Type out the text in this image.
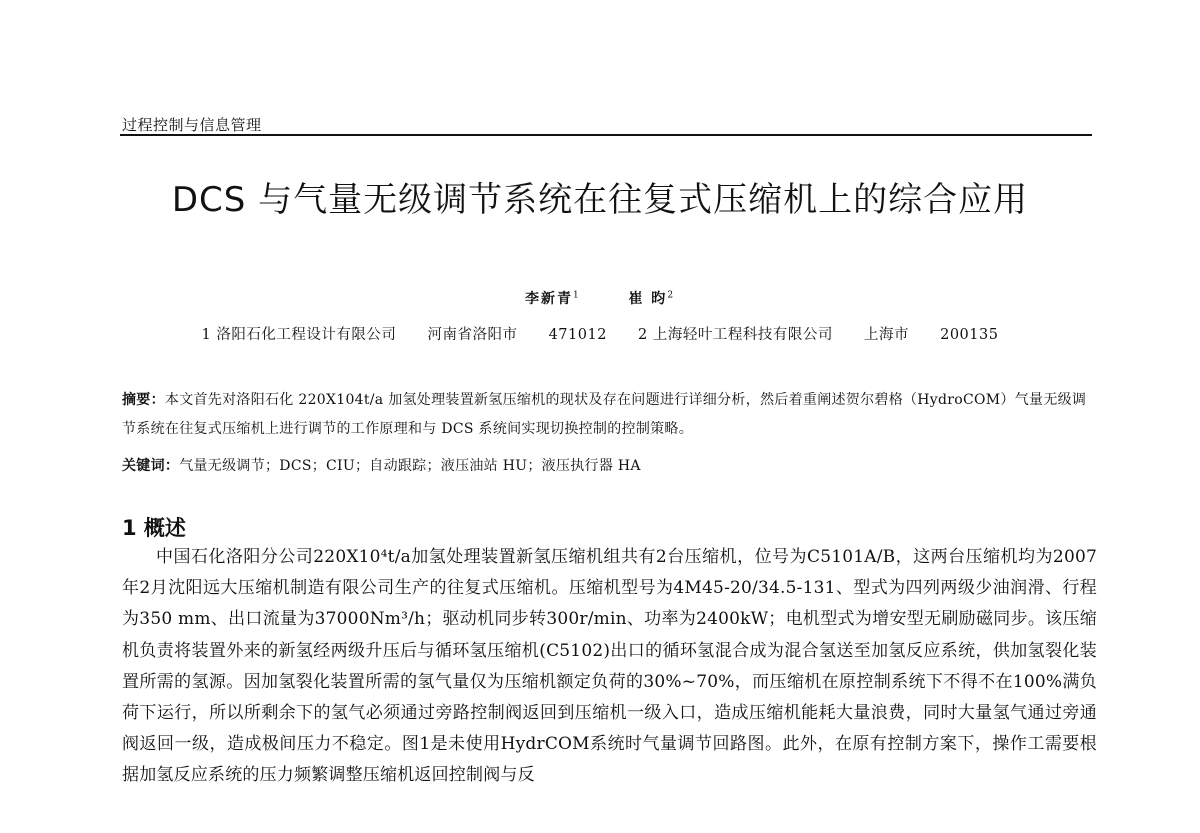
过程控制与信息管理
DCS 与气量无级调节系统在往复式压缩机上的综合应用
李新青$^1$	崔 昀$^2$
1 洛阳石化工程设计有限公司 河南省洛阳市 471012 2 上海轻叶工程科技有限公司 上海市 200135
摘要：本文首先对洛阳石化 220X104t/a 加氢处理装置新氢压缩机的现状及存在问题进行详细分析，然后着重阐述贺尔碧格（HydroCOM）气量无级调节系统在往复式压缩机上进行调节的工作原理和与 DCS 系统间实现切换控制的控制策略。
关键词：气量无级调节；DCS；CIU；自动跟踪；液压油站 HU；液压执行器 HA
1 概述

中国石化洛阳分公司220X10⁴t/a加氢处理装置新氢压缩机组共有2台压缩机，位号为C5101A/B，这两台压缩机均为2007年2月沈阳远大压缩机制造有限公司生产的往复式压缩机。压缩机型号为4M45-20/34.5-131、型式为四列两级少油润滑、行程为350 mm、出口流量为37000Nm³/h；驱动机同步转300r/min、功率为2400kW；电机型式为增安型无刷励磁同步。该压缩机负责将装置外来的新氢经两级升压后与循环氢压缩机(C5102)出口的循环氢混合成为混合氢送至加氢反应系统，供加氢裂化装置所需的氢源。因加氢裂化装置所需的氢气量仅为压缩机额定负荷的30%~70%，而压缩机在原控制系统下不得不在100%满负荷下运行，所以所剩余下的氢气必须通过旁路控制阀返回到压缩机一级入口，造成压缩机能耗大量浪费，同时大量氢气通过旁通阀返回一级，造成极间压力不稳定。图1是未使用HydrCOM系统时气量调节回路图。此外，在原有控制方案下，操作工需要根据加氢反应系统的压力频繁调整压缩机返回控制阀与反
